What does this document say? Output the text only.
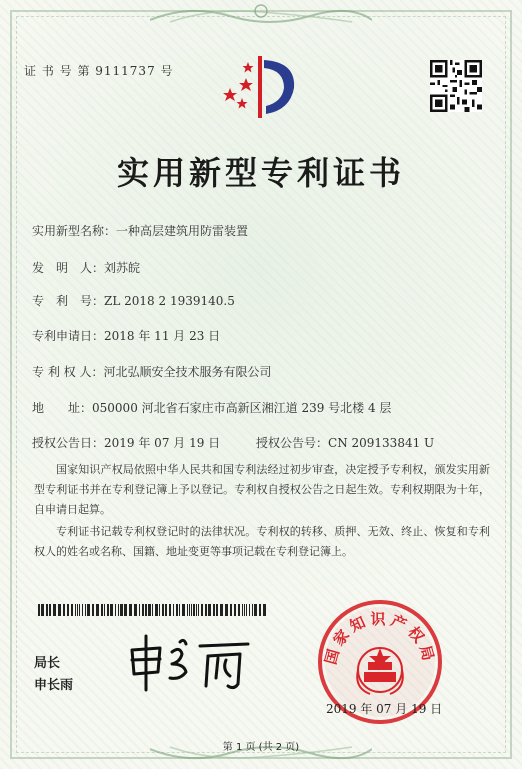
证 书 号 第 9111737 号
实用新型专利证书
实用新型名称：一种高层建筑用防雷装置
发　明　人：刘苏皖
专　利　号：ZL 2018 2 1939140.5
专利申请日：2018 年 11 月 23 日
专 利 权 人：河北弘顺安全技术服务有限公司
地　　址：050000 河北省石家庄市高新区湘江道 239 号北楼 4 层
授权公告日：2019 年 07 月 19 日	授权公告号：CN 209133841 U
国家知识产权局依照中华人民共和国专利法经过初步审查，决定授予专利权，颁发实用新型专利证书并在专利登记簿上予以登记。专利权自授权公告之日起生效。专利权期限为十年，自申请日起算。
专利证书记载专利权登记时的法律状况。专利权的转移、质押、无效、终止、恢复和专利权人的姓名或名称、国籍、地址变更等事项记载在专利登记簿上。
局长
申长雨
国家知识产权局
2019 年 07 月 19 日
第 1 页 (共 2 页)
